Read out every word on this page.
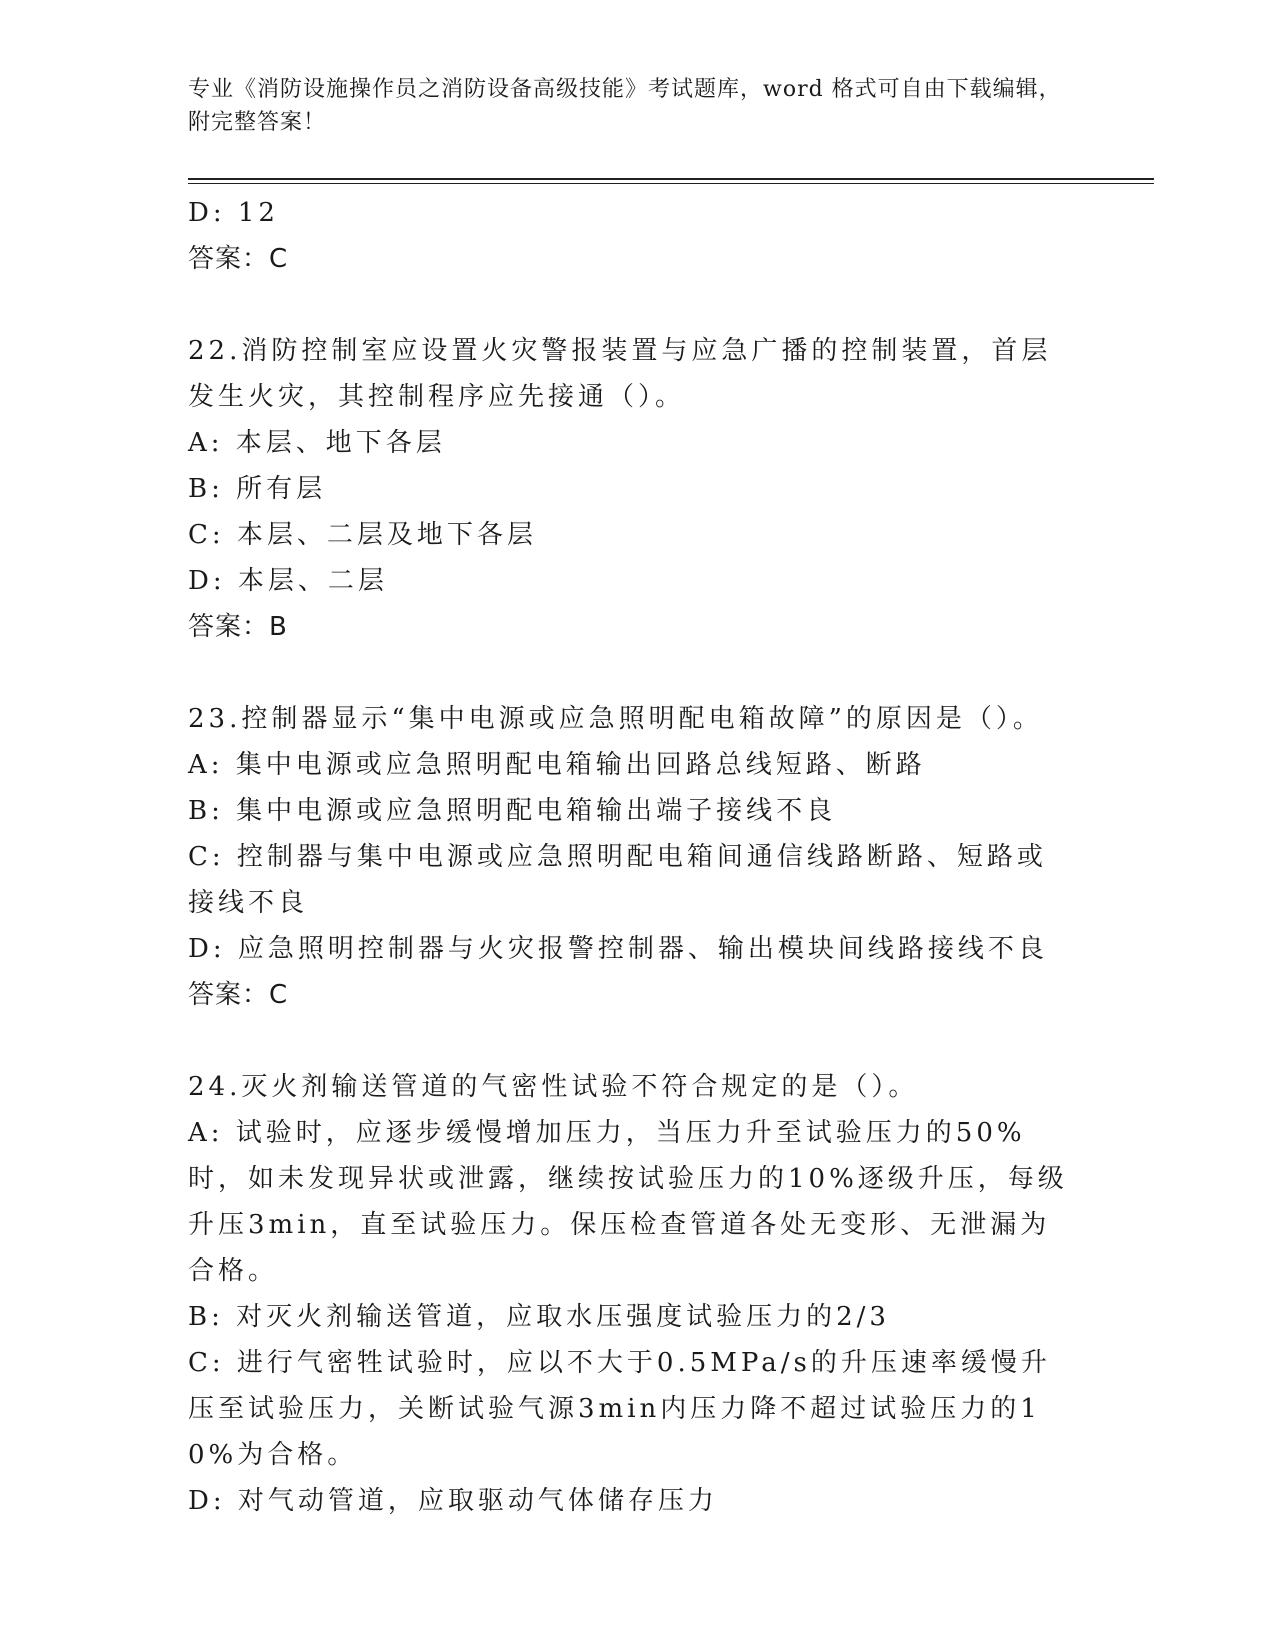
专业《消防设施操作员之消防设备高级技能》考试题库，word 格式可自由下载编辑，附完整答案！
D: 12
答案：C
22.消防控制室应设置火灾警报装置与应急广播的控制装置，首层发生火灾，其控制程序应先接通（）。
A: 本层、地下各层
B: 所有层
C: 本层、二层及地下各层
D: 本层、二层
答案：B
23.控制器显示“集中电源或应急照明配电箱故障”的原因是（）。
A: 集中电源或应急照明配电箱输出回路总线短路、断路
B: 集中电源或应急照明配电箱输出端子接线不良
C: 控制器与集中电源或应急照明配电箱间通信线路断路、短路或接线不良
D: 应急照明控制器与火灾报警控制器、输出模块间线路接线不良
答案：C
24.灭火剂输送管道的气密性试验不符合规定的是（）。
A: 试验时，应逐步缓慢增加压力，当压力升至试验压力的50%时，如未发现异状或泄露，继续按试验压力的10%逐级升压，每级升压3min，直至试验压力。保压检查管道各处无变形、无泄漏为合格。
B: 对灭火剂输送管道，应取水压强度试验压力的2/3
C: 进行气密牲试验时，应以不大于0.5MPa/s的升压速率缓慢升压至试验压力，关断试验气源3min内压力降不超过试验压力的10%为合格。
D: 对气动管道，应取驱动气体储存压力
